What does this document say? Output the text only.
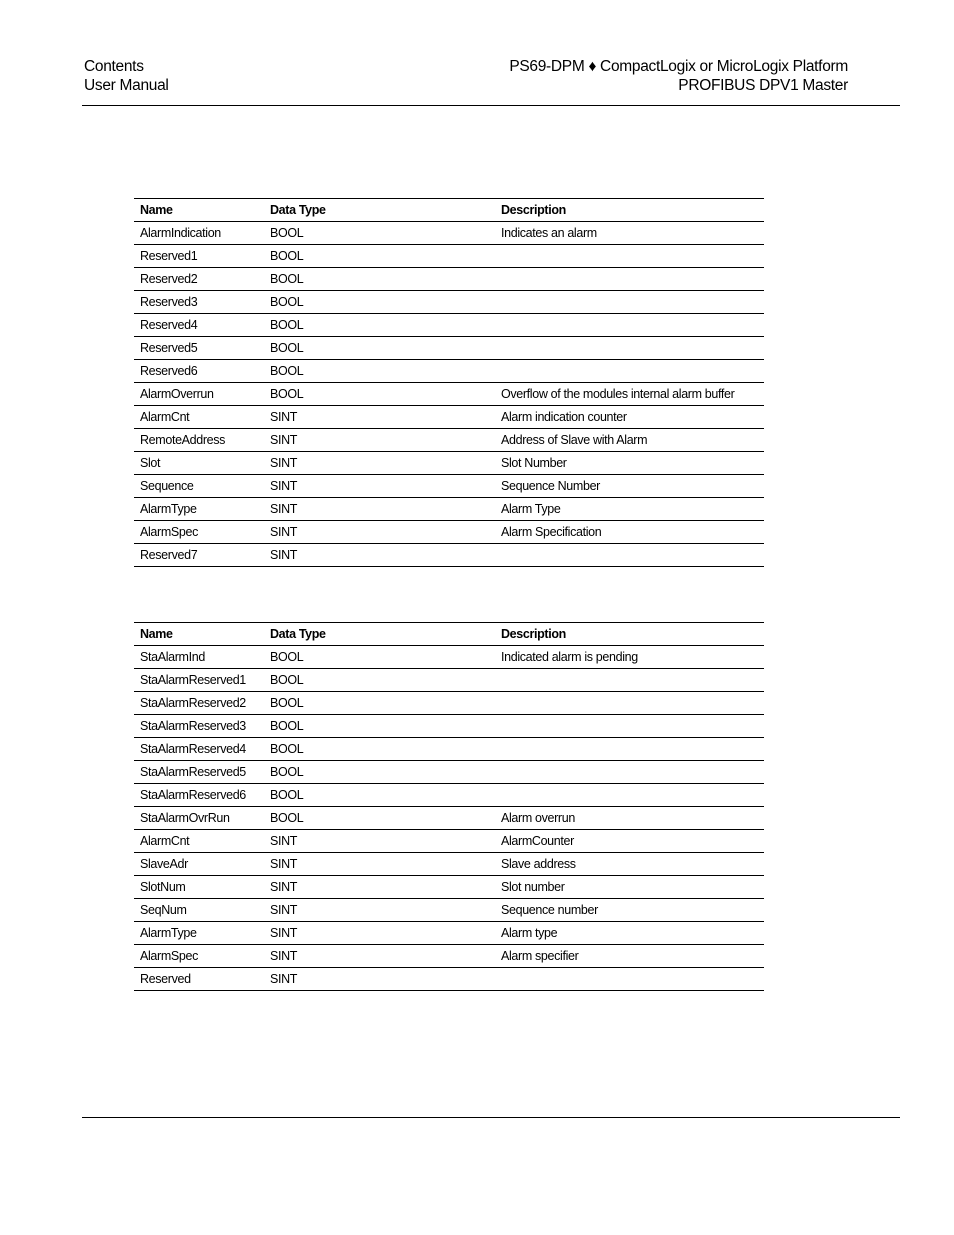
Contents
User Manual
PS69-DPM ♦ CompactLogix or MicroLogix Platform
PROFIBUS DPV1 Master
Name	Data Type	Description
AlarmIndication	BOOL	Indicates an alarm
Reserved1	BOOL	
Reserved2	BOOL	
Reserved3	BOOL	
Reserved4	BOOL	
Reserved5	BOOL	
Reserved6	BOOL	
AlarmOverrun	BOOL	Overflow of the modules internal alarm buffer
AlarmCnt	SINT	Alarm indication counter
RemoteAddress	SINT	Address of Slave with Alarm
Slot	SINT	Slot Number
Sequence	SINT	Sequence Number
AlarmType	SINT	Alarm Type
AlarmSpec	SINT	Alarm Specification
Reserved7	SINT	
Name	Data Type	Description
StaAlarmInd	BOOL	Indicated alarm is pending
StaAlarmReserved1	BOOL	
StaAlarmReserved2	BOOL	
StaAlarmReserved3	BOOL	
StaAlarmReserved4	BOOL	
StaAlarmReserved5	BOOL	
StaAlarmReserved6	BOOL	
StaAlarmOvrRun	BOOL	Alarm overrun
AlarmCnt	SINT	AlarmCounter
SlaveAdr	SINT	Slave address
SlotNum	SINT	Slot number
SeqNum	SINT	Sequence number
AlarmType	SINT	Alarm type
AlarmSpec	SINT	Alarm specifier
Reserved	SINT	
